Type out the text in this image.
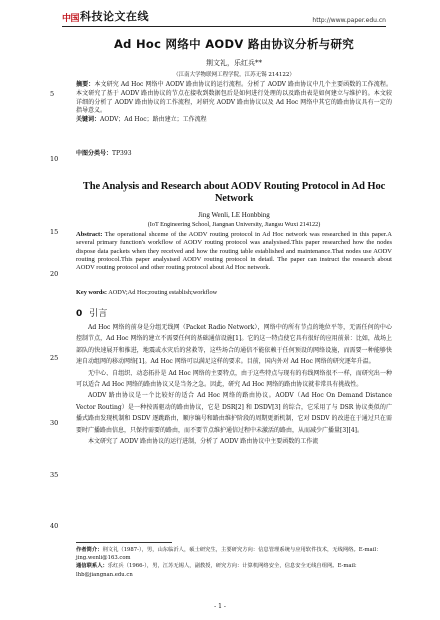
中国 科技论文在线	http://www.paper.edu.cn
Ad Hoc 网络中 AODV 路由协议分析与研究
荆文礼，乐红兵**
（江南大学物联网工程学院，江苏无锡 214122）
摘要：本文研究 Ad Hoc 网络中 AODV 路由协议的运行流程。分析了 AODV 路由协议中几个主要函数的工作流程。本文研究了基于 AODV 路由协议的节点在接收到数据包后是如何进行处理的以及路由表是如何建立与维护的。本文较详细的分析了 AODV 路由协议的工作流程，对研究 AODV 路由协议以及 Ad Hoc 网络中其它的路由协议具有一定的指导意义。
关键词：AODV；Ad Hoc；路由建立；工作流程
中图分类号：TP393
5
10
15
20
25
30
35
40
The Analysis and Research about AODV Routing Protocol in Ad Hoc Network
Jing Wenli, LE Honbbing
(IoT Engineering School, Jiangnan University, Jiangsu Wuxi 214122)
Abstract: The operational shceme of the AODV routing protocol in Ad Hoc network was researched in this paper.A several primary function's workflow of AODV routing protocol was analysised.This paper researched how the nodes dispose data packets when they received and how the routing table established and maintenance.That nodes use AODV routing protocol.This paper analysised AODV routing protocol in detail. The paper can instruct the research about AODV routing protocol and other routing protocol about Ad Hoc network.
Key words: AODV;Ad Hoc;routing establish;workflow
0 引言

Ad Hoc 网络的前身是分组无线网（Packet Radio Network），网络中的所有节点的地位平等，无需任何的中心控制节点，Ad Hoc 网络的建立不需要任何的基础通信设施[1]。它的这一特点使它具有很好的应用前景：比如，战场上部队的快速展开和推进，地震或水灾后的营救等，这些场合的通信不能依赖于任何预设的网络设施，而需要一种能够快速自动组网的移动网络[1]。Ad Hoc 网络可以满足这样的要求。目前，国内外对 Ad Hoc 网络的研究逐年升温。

无中心、自组织、动态拓扑是 Ad Hoc 网络的主要特点，由于这些特点与现有的有线网络很不一样，而研究出一种可以适合 Ad Hoc 网络的路由协议又是当务之急。因此，研究 Ad Hoc 网络的路由协议就非常具有挑战性。

AODV 路由协议是一个比较好的适合 Ad Hoc 网络的路由协议。AODV（Ad Hoc On Demand Distance Vector Routing）是一种按需驱动的路由协议，它是 DSR[2] 和 DSDV[3] 的综合，它采用了与 DSR 协议类似的广播式路由发现机制和 DSDV 逐跳路由，顺序编号和路由维护阶段的周期更新机制，它对 DSDV 的改进在于通过只在需要时广播路由信息，只保持需要的路由，而不要节点维护通信过程中未激活的路由，从而减少广播量[3][4]。

本文研究了 AODV 路由协议的运行进制，分析了 AODV 路由协议中主要函数的工作流

作者简介：荆文礼（1987-），男，山东临沂人，硕士研究生，主要研究方向：信息管理系统与应用软件技术，无线网络。E-mail：jing.wenli@163.com
通信联系人：乐红兵（1966-），男，江苏无锡人，副教授，研究方向：计算机网络安全，信息安全无线自组网。E-mail: lhb@jiangnan.edu.cn
- 1 -
